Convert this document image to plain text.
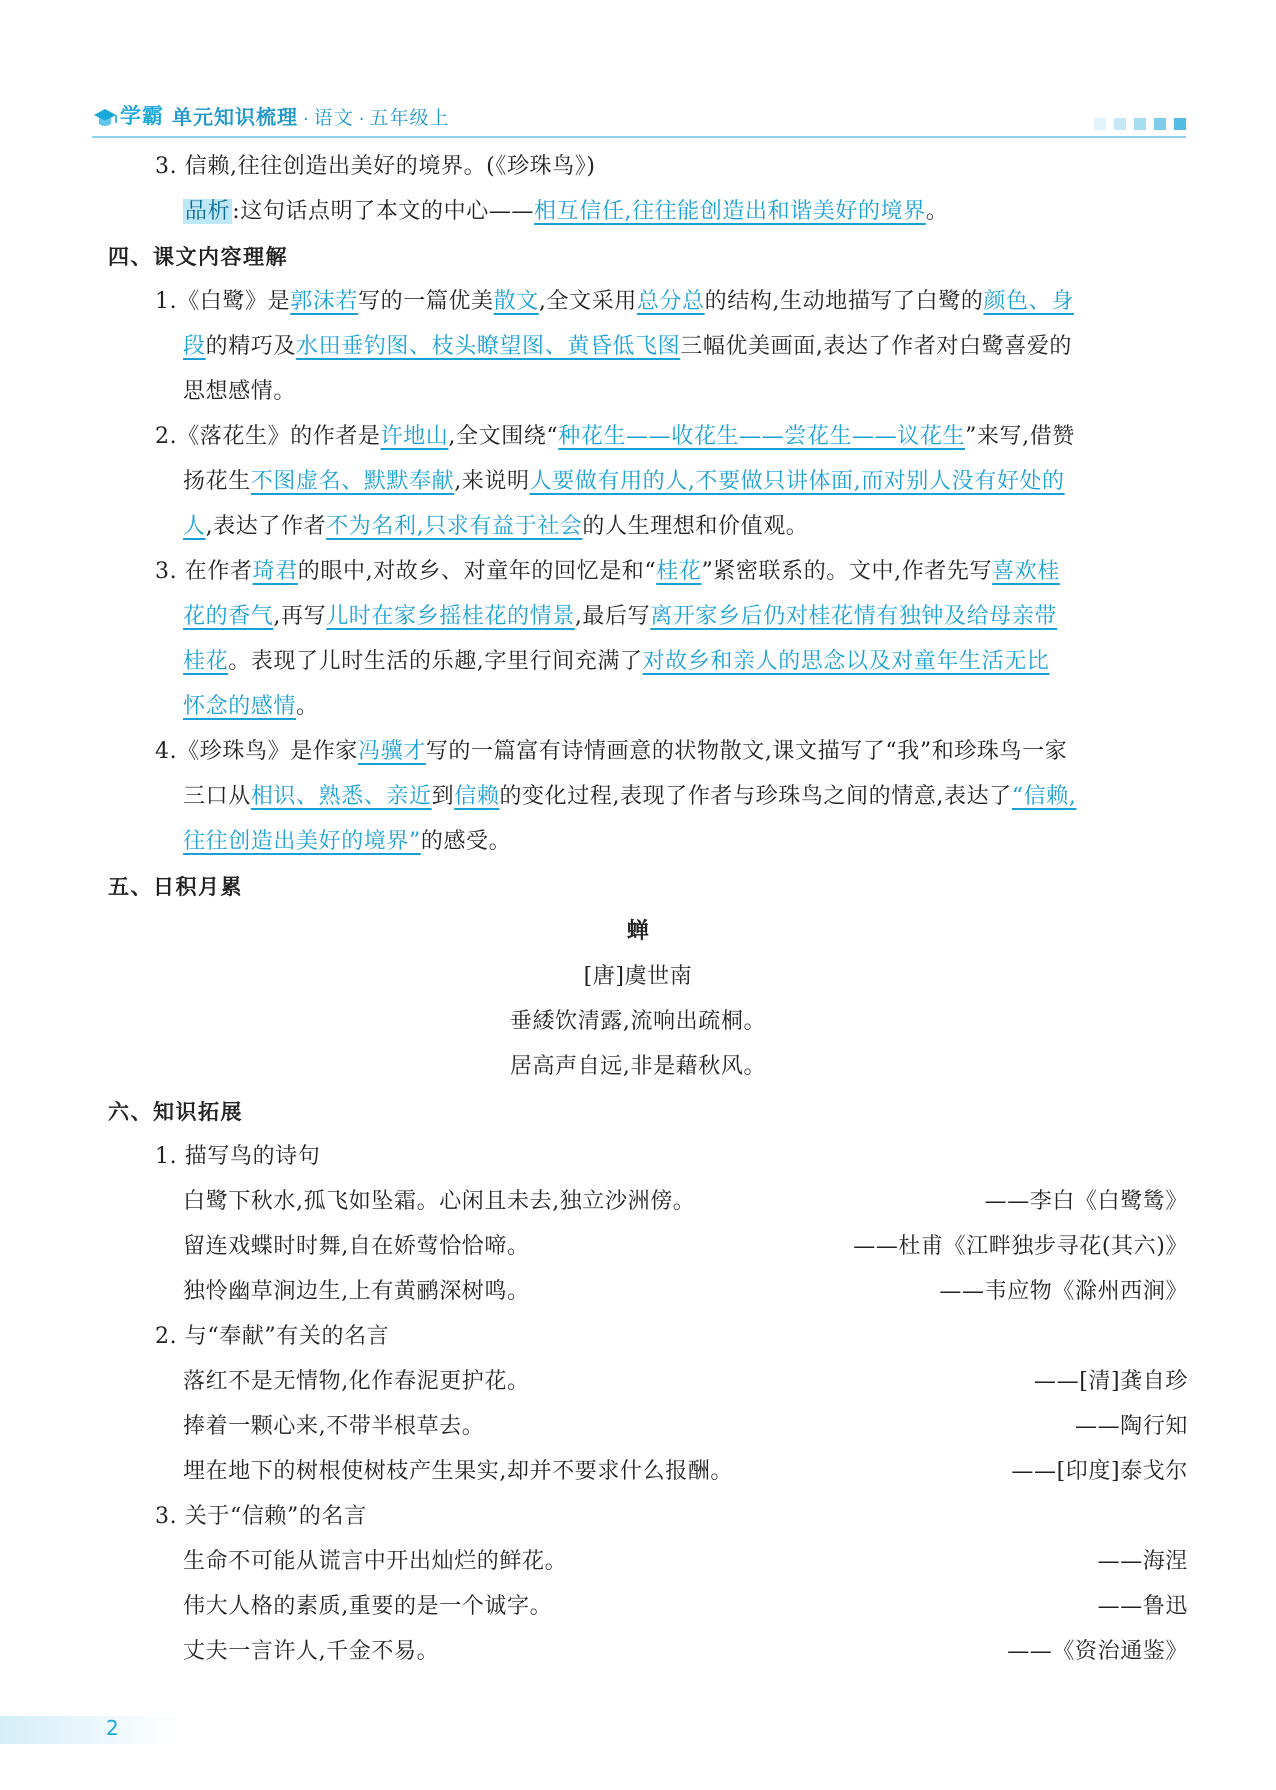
学霸 单元知识梳理 · 语文 · 五年级上
3. 信赖,往往创造出美好的境界。(《珍珠鸟》)
品析:这句话点明了本文的中心——相互信任,往往能创造出和谐美好的境界。
四、课文内容理解
1.《白鹭》是郭沫若写的一篇优美散文,全文采用总分总的结构,生动地描写了白鹭的颜色、身
段的精巧及水田垂钓图、枝头瞭望图、黄昏低飞图三幅优美画面,表达了作者对白鹭喜爱的
思想感情。
2.《落花生》的作者是许地山,全文围绕“种花生——收花生——尝花生——议花生”来写,借赞
扬花生不图虚名、默默奉献,来说明人要做有用的人,不要做只讲体面,而对别人没有好处的
人,表达了作者不为名利,只求有益于社会的人生理想和价值观。
3. 在作者琦君的眼中,对故乡、对童年的回忆是和“桂花”紧密联系的。文中,作者先写喜欢桂
花的香气,再写儿时在家乡摇桂花的情景,最后写离开家乡后仍对桂花情有独钟及给母亲带
桂花。表现了儿时生活的乐趣,字里行间充满了对故乡和亲人的思念以及对童年生活无比
怀念的感情。
4.《珍珠鸟》是作家冯骥才写的一篇富有诗情画意的状物散文,课文描写了“我”和珍珠鸟一家
三口从相识、熟悉、亲近到信赖的变化过程,表现了作者与珍珠鸟之间的情意,表达了“信赖,
往往创造出美好的境界”的感受。
五、日积月累
蝉
[唐]虞世南
垂緌饮清露,流响出疏桐。
居高声自远,非是藉秋风。
六、知识拓展
1. 描写鸟的诗句
白鹭下秋水,孤飞如坠霜。心闲且未去,独立沙洲傍。	——李白《白鹭鸶》
留连戏蝶时时舞,自在娇莺恰恰啼。	——杜甫《江畔独步寻花(其六)》
独怜幽草涧边生,上有黄鹂深树鸣。	——韦应物《滁州西涧》
2. 与“奉献”有关的名言
落红不是无情物,化作春泥更护花。	——[清]龚自珍
捧着一颗心来,不带半根草去。	——陶行知
埋在地下的树根使树枝产生果实,却并不要求什么报酬。	——[印度]泰戈尔
3. 关于“信赖”的名言
生命不可能从谎言中开出灿烂的鲜花。	——海涅
伟大人格的素质,重要的是一个诚字。	——鲁迅
丈夫一言许人,千金不易。	——《资治通鉴》
2
